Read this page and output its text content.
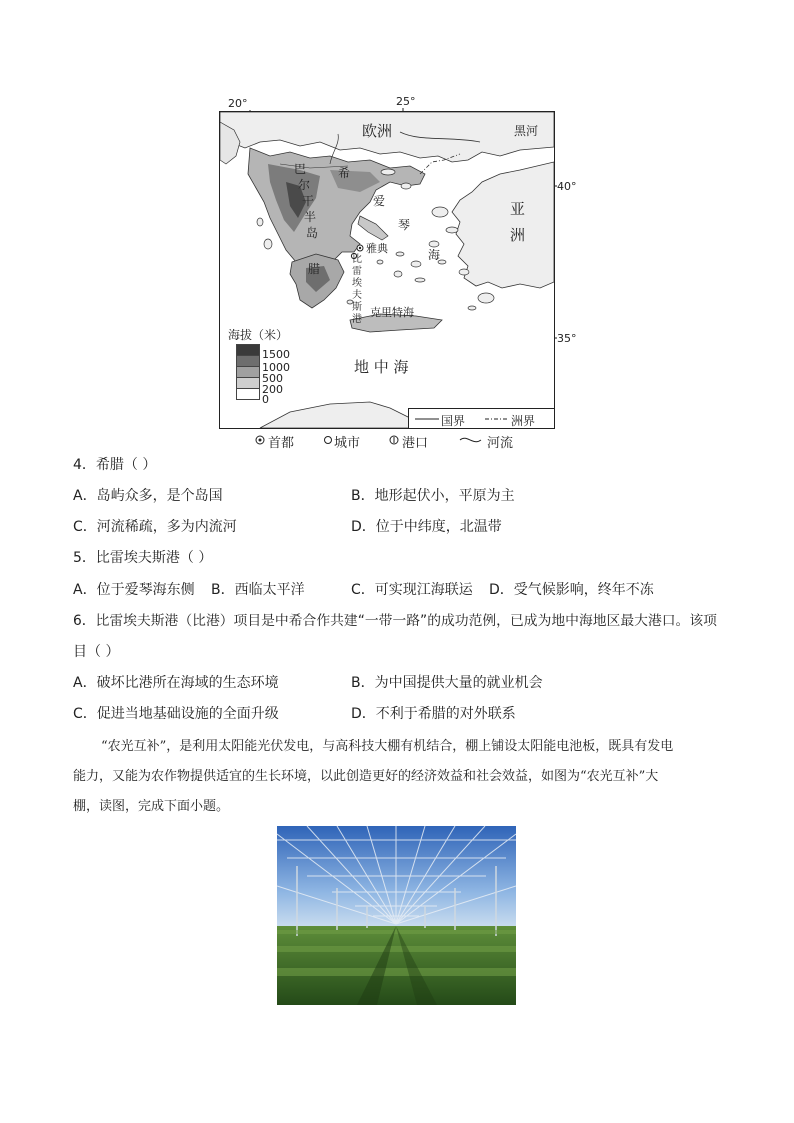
20°	25°
40°
35°
欧洲	黑河
亚
洲
爱
琴
海
巴
尔
干
半
岛
希
腊
雅典
比
雷
埃
夫
斯
港
克里特海
地 中 海
海拔（米）
1500
1000
500
200
0
国界	洲界
首都	城市	港口	河流
4．希腊（ ）
A．岛屿众多，是个岛国	B．地形起伏小，平原为主
C．河流稀疏，多为内流河	D．位于中纬度，北温带
5．比雷埃夫斯港（ ）
A．位于爱琴海东侧 B．西临太平洋	C．可实现江海联运 D．受气候影响，终年不冻
6．比雷埃夫斯港（比港）项目是中希合作共建“一带一路”的成功范例，已成为地中海地区最大港口。该项
目（ ）
A．破坏比港所在海域的生态环境	B．为中国提供大量的就业机会
C．促进当地基础设施的全面升级	D．不利于希腊的对外联系
“农光互补”，是利用太阳能光伏发电，与高科技大棚有机结合，棚上铺设太阳能电池板，既具有发电
能力，又能为农作物提供适宜的生长环境，以此创造更好的经济效益和社会效益，如图为“农光互补”大
棚，读图，完成下面小题。
